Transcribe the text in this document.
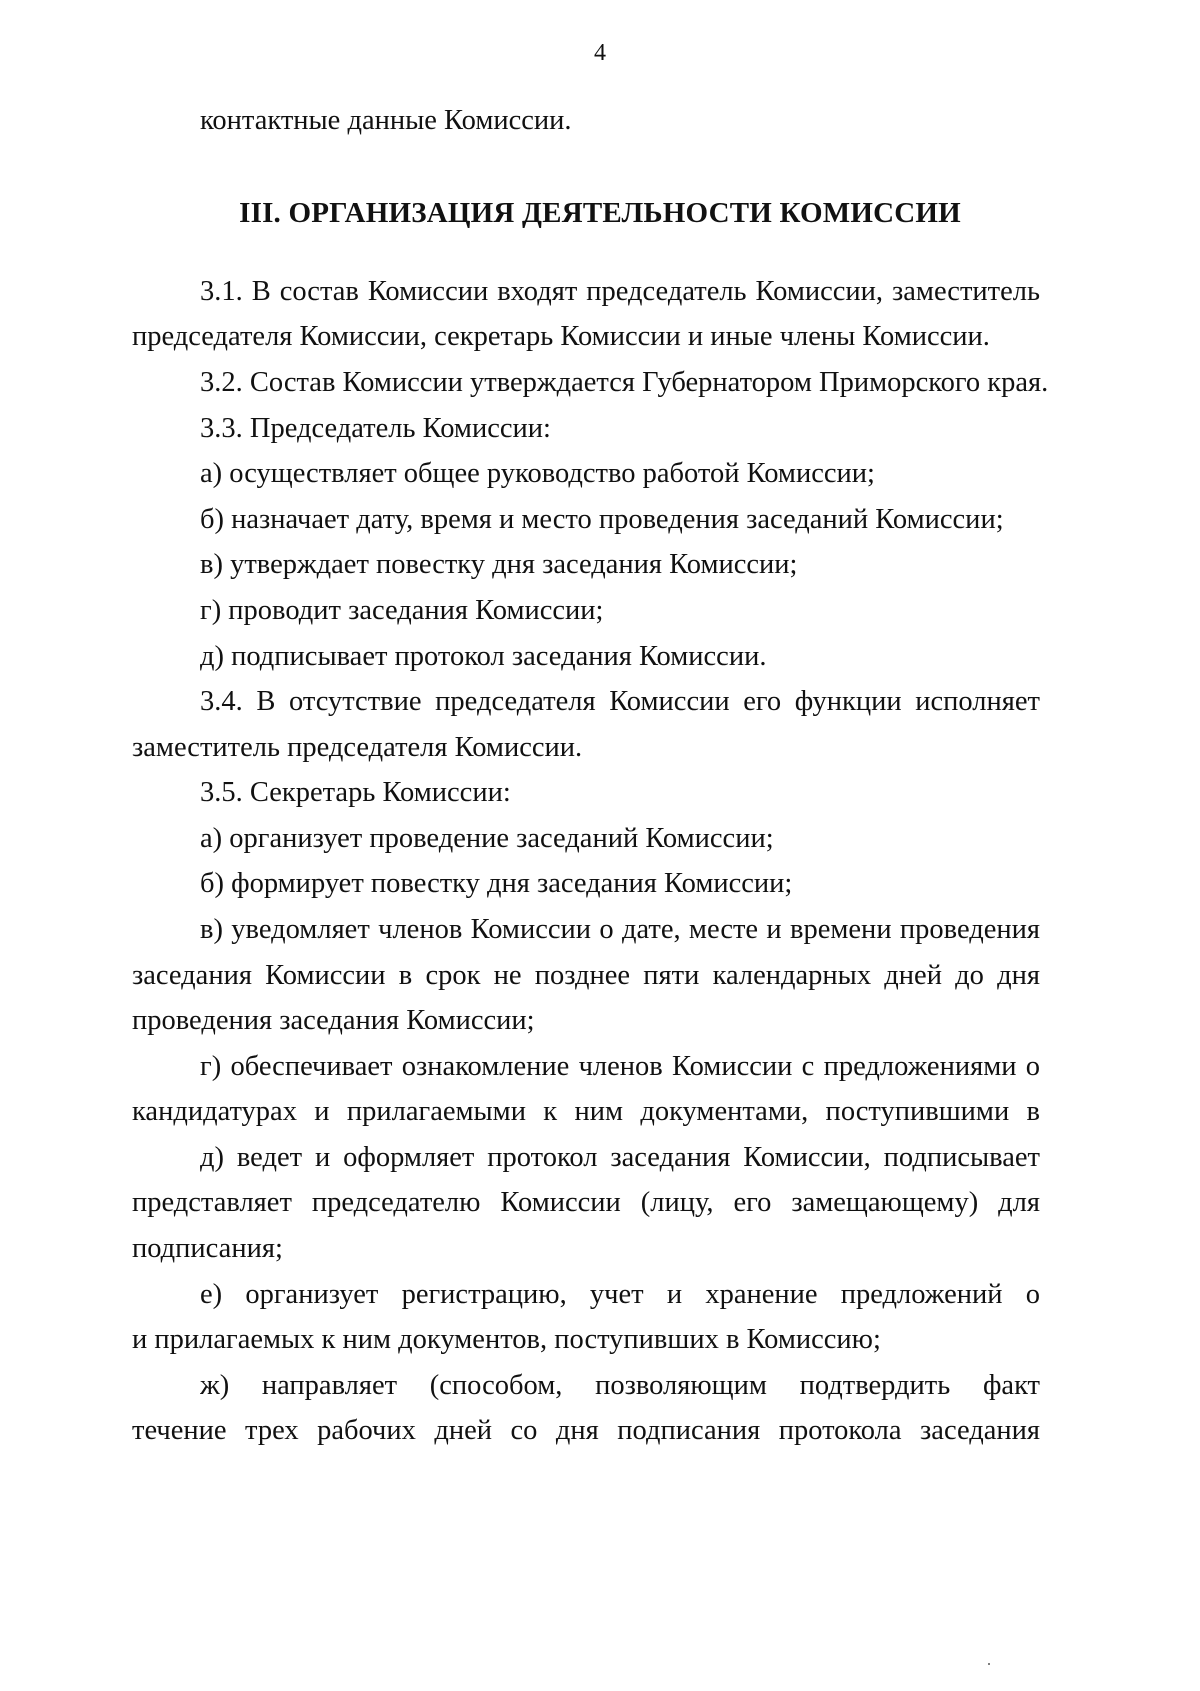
4
контактные данные Комиссии.
III. ОРГАНИЗАЦИЯ ДЕЯТЕЛЬНОСТИ КОМИССИИ
3.1. В состав Комиссии входят председатель Комиссии, заместитель
председателя Комиссии, секретарь Комиссии и иные члены Комиссии.
3.2. Состав Комиссии утверждается Губернатором Приморского края.
3.3. Председатель Комиссии:
а) осуществляет общее руководство работой Комиссии;
б) назначает дату, время и место проведения заседаний Комиссии;
в) утверждает повестку дня заседания Комиссии;
г) проводит заседания Комиссии;
д) подписывает протокол заседания Комиссии.
3.4. В отсутствие председателя Комиссии его функции исполняет
заместитель председателя Комиссии.
3.5. Секретарь Комиссии:
а) организует проведение заседаний Комиссии;
б) формирует повестку дня заседания Комиссии;
в) уведомляет членов Комиссии о дате, месте и времени проведения
заседания Комиссии в срок не позднее пяти календарных дней до дня
проведения заседания Комиссии;
г) обеспечивает ознакомление членов Комиссии с предложениями о
кандидатурах и прилагаемыми к ним документами, поступившими в
д) ведет и оформляет протокол заседания Комиссии, подписывает
представляет председателю Комиссии (лицу, его замещающему) для
подписания;
е) организует регистрацию, учет и хранение предложений о
и прилагаемых к ним документов, поступивших в Комиссию;
ж) направляет (способом, позволяющим подтвердить факт
течение трех рабочих дней со дня подписания протокола заседания
